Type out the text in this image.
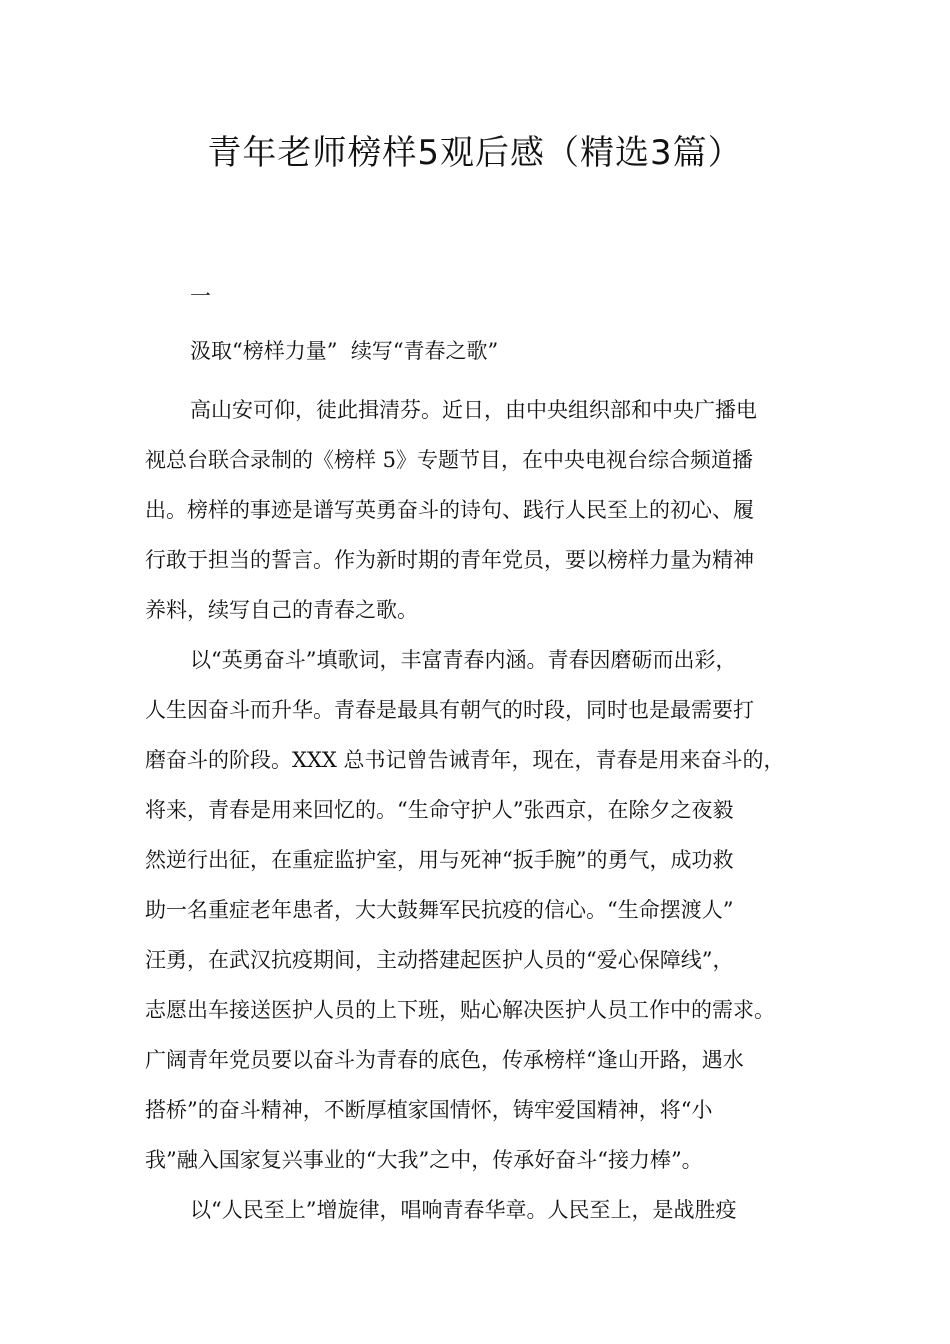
青年老师榜样5观后感（精选3篇）

一

汲取“榜样力量”  续写“青春之歌”

高山安可仰，徒此揖清芬。近日，由中央组织部和中央广播电
视总台联合录制的《榜样 5》专题节目，在中央电视台综合频道播
出。榜样的事迹是谱写英勇奋斗的诗句、践行人民至上的初心、履
行敢于担当的誓言。作为新时期的青年党员，要以榜样力量为精神
养料，续写自己的青春之歌。
以“英勇奋斗”填歌词，丰富青春内涵。青春因磨砺而出彩，
人生因奋斗而升华。青春是最具有朝气的时段，同时也是最需要打
磨奋斗的阶段。XXX 总书记曾告诫青年，现在，青春是用来奋斗的，
将来，青春是用来回忆的。“生命守护人”张西京，在除夕之夜毅
然逆行出征，在重症监护室，用与死神“扳手腕”的勇气，成功救
助一名重症老年患者，大大鼓舞军民抗疫的信心。“生命摆渡人”
汪勇，在武汉抗疫期间，主动搭建起医护人员的“爱心保障线”，
志愿出车接送医护人员的上下班，贴心解决医护人员工作中的需求。
广阔青年党员要以奋斗为青春的底色，传承榜样“逢山开路，遇水
搭桥”的奋斗精神，不断厚植家国情怀，铸牢爱国精神，将“小
我”融入国家复兴事业的“大我”之中，传承好奋斗“接力棒”。
以“人民至上”增旋律，唱响青春华章。人民至上，是战胜疫
